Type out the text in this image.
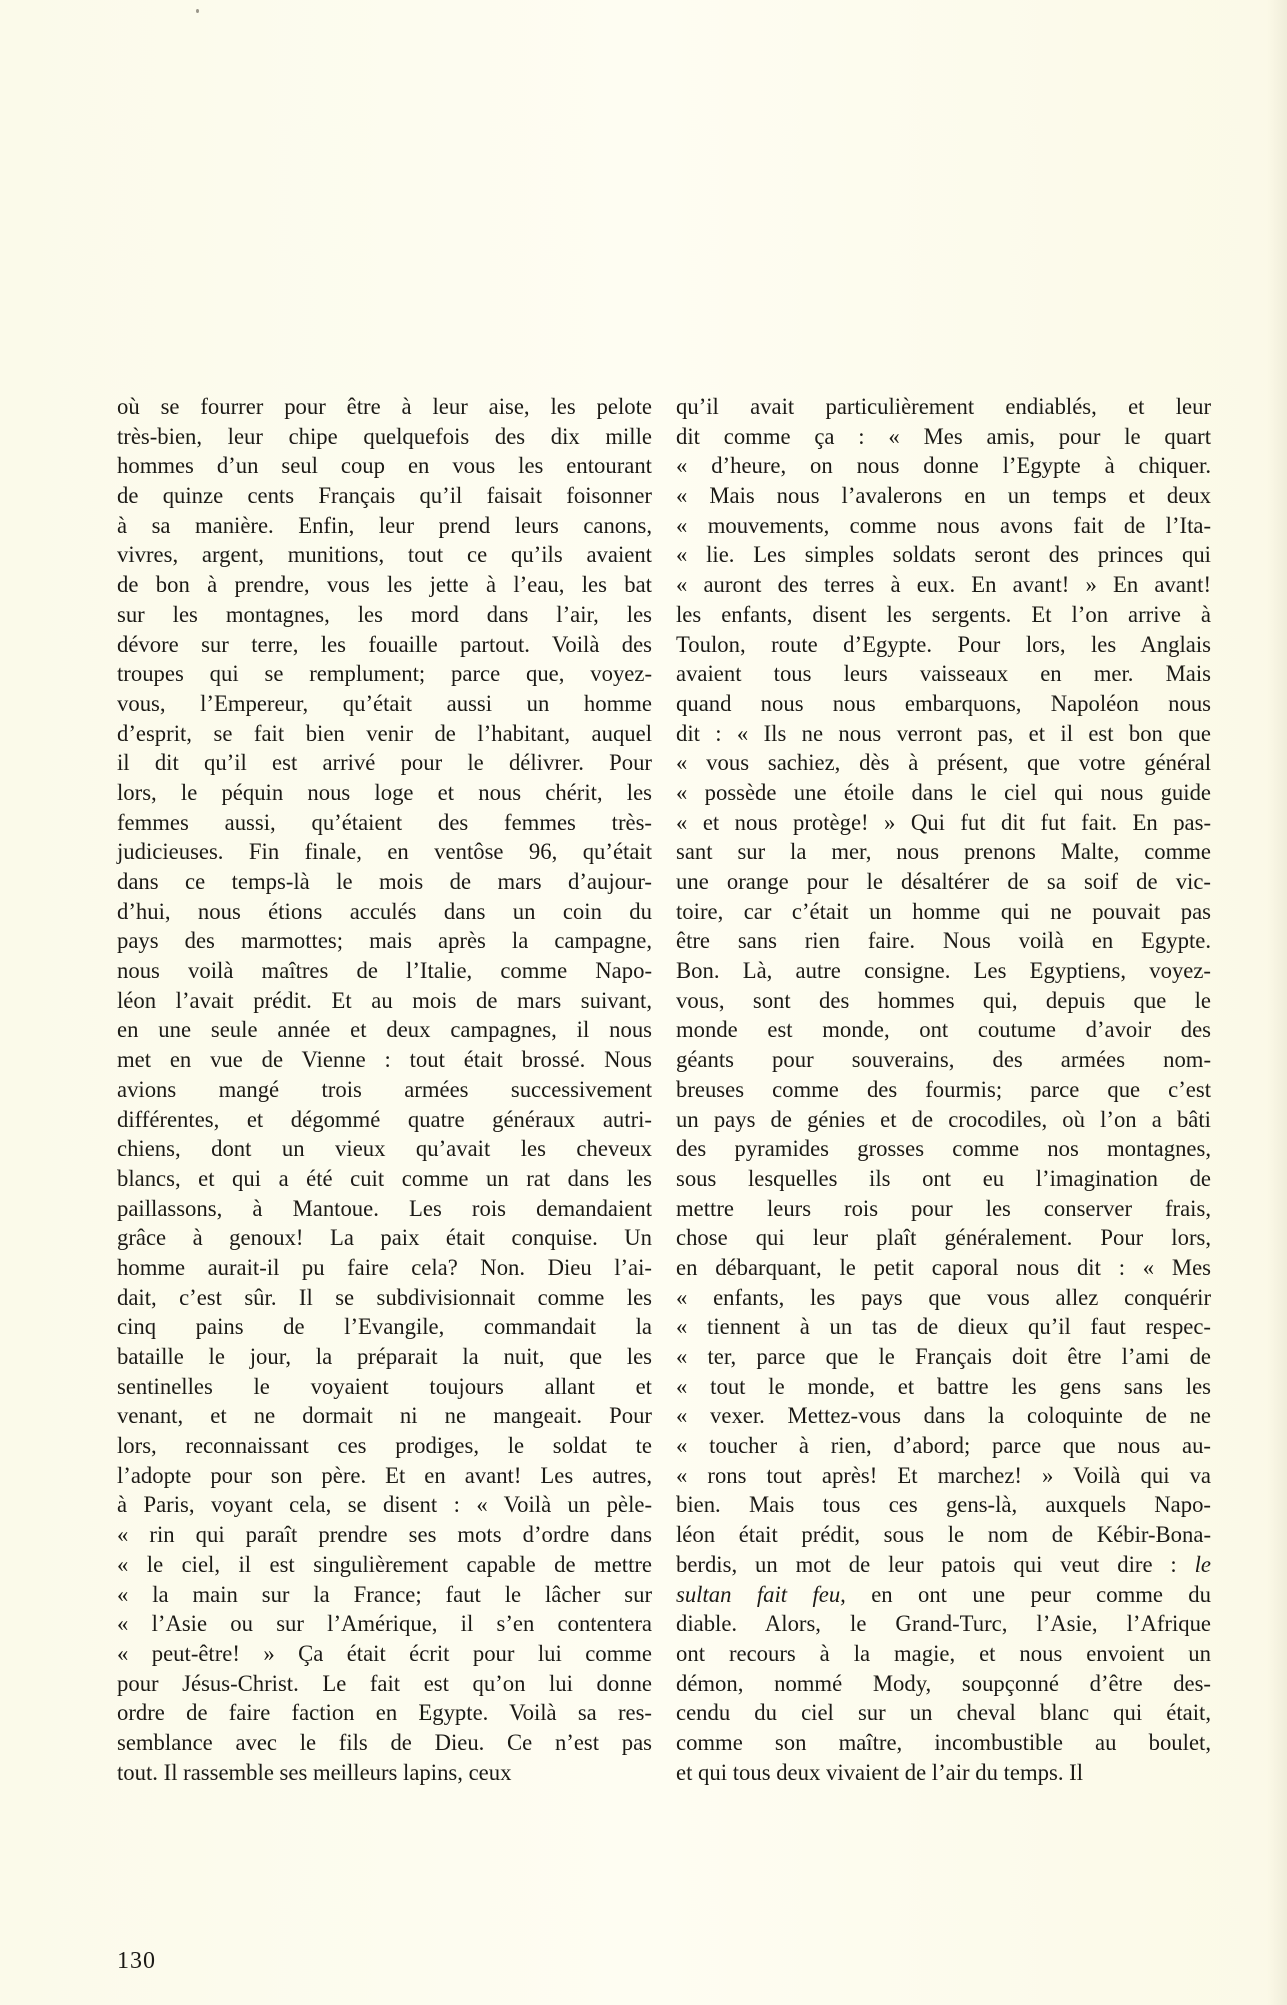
où se fourrer pour être à leur aise, les pelote
très-bien, leur chipe quelquefois des dix mille
hommes d’un seul coup en vous les entourant
de quinze cents Français qu’il faisait foisonner
à sa manière. Enfin, leur prend leurs canons,
vivres, argent, munitions, tout ce qu’ils avaient
de bon à prendre, vous les jette à l’eau, les bat
sur les montagnes, les mord dans l’air, les
dévore sur terre, les fouaille partout. Voilà des
troupes qui se remplument; parce que, voyez-
vous, l’Empereur, qu’était aussi un homme
d’esprit, se fait bien venir de l’habitant, auquel
il dit qu’il est arrivé pour le délivrer. Pour
lors, le péquin nous loge et nous chérit, les
femmes aussi, qu’étaient des femmes très-
judicieuses. Fin finale, en ventôse 96, qu’était
dans ce temps-là le mois de mars d’aujour-
d’hui, nous étions acculés dans un coin du
pays des marmottes; mais après la campagne,
nous voilà maîtres de l’Italie, comme Napo-
léon l’avait prédit. Et au mois de mars suivant,
en une seule année et deux campagnes, il nous
met en vue de Vienne : tout était brossé. Nous
avions mangé trois armées successivement
différentes, et dégommé quatre généraux autri-
chiens, dont un vieux qu’avait les cheveux
blancs, et qui a été cuit comme un rat dans les
paillassons, à Mantoue. Les rois demandaient
grâce à genoux! La paix était conquise. Un
homme aurait-il pu faire cela? Non. Dieu l’ai-
dait, c’est sûr. Il se subdivisionnait comme les
cinq pains de l’Evangile, commandait la
bataille le jour, la préparait la nuit, que les
sentinelles le voyaient toujours allant et
venant, et ne dormait ni ne mangeait. Pour
lors, reconnaissant ces prodiges, le soldat te
l’adopte pour son père. Et en avant! Les autres,
à Paris, voyant cela, se disent : « Voilà un pèle-
« rin qui paraît prendre ses mots d’ordre dans
« le ciel, il est singulièrement capable de mettre
« la main sur la France; faut le lâcher sur
« l’Asie ou sur l’Amérique, il s’en contentera
« peut-être! » Ça était écrit pour lui comme
pour Jésus-Christ. Le fait est qu’on lui donne
ordre de faire faction en Egypte. Voilà sa res-
semblance avec le fils de Dieu. Ce n’est pas
tout. Il rassemble ses meilleurs lapins, ceux
qu’il avait particulièrement endiablés, et leur
dit comme ça : « Mes amis, pour le quart
« d’heure, on nous donne l’Egypte à chiquer.
« Mais nous l’avalerons en un temps et deux
« mouvements, comme nous avons fait de l’Ita-
« lie. Les simples soldats seront des princes qui
« auront des terres à eux. En avant! » En avant!
les enfants, disent les sergents. Et l’on arrive à
Toulon, route d’Egypte. Pour lors, les Anglais
avaient tous leurs vaisseaux en mer. Mais
quand nous nous embarquons, Napoléon nous
dit : « Ils ne nous verront pas, et il est bon que
« vous sachiez, dès à présent, que votre général
« possède une étoile dans le ciel qui nous guide
« et nous protège! » Qui fut dit fut fait. En pas-
sant sur la mer, nous prenons Malte, comme
une orange pour le désaltérer de sa soif de vic-
toire, car c’était un homme qui ne pouvait pas
être sans rien faire. Nous voilà en Egypte.
Bon. Là, autre consigne. Les Egyptiens, voyez-
vous, sont des hommes qui, depuis que le
monde est monde, ont coutume d’avoir des
géants pour souverains, des armées nom-
breuses comme des fourmis; parce que c’est
un pays de génies et de crocodiles, où l’on a bâti
des pyramides grosses comme nos montagnes,
sous lesquelles ils ont eu l’imagination de
mettre leurs rois pour les conserver frais,
chose qui leur plaît généralement. Pour lors,
en débarquant, le petit caporal nous dit : « Mes
« enfants, les pays que vous allez conquérir
« tiennent à un tas de dieux qu’il faut respec-
« ter, parce que le Français doit être l’ami de
« tout le monde, et battre les gens sans les
« vexer. Mettez-vous dans la coloquinte de ne
« toucher à rien, d’abord; parce que nous au-
« rons tout après! Et marchez! » Voilà qui va
bien. Mais tous ces gens-là, auxquels Napo-
léon était prédit, sous le nom de Kébir-Bona-
berdis, un mot de leur patois qui veut dire : le
sultan fait feu, en ont une peur comme du
diable. Alors, le Grand-Turc, l’Asie, l’Afrique
ont recours à la magie, et nous envoient un
démon, nommé Mody, soupçonné d’être des-
cendu du ciel sur un cheval blanc qui était,
comme son maître, incombustible au boulet,
et qui tous deux vivaient de l’air du temps. Il
130
